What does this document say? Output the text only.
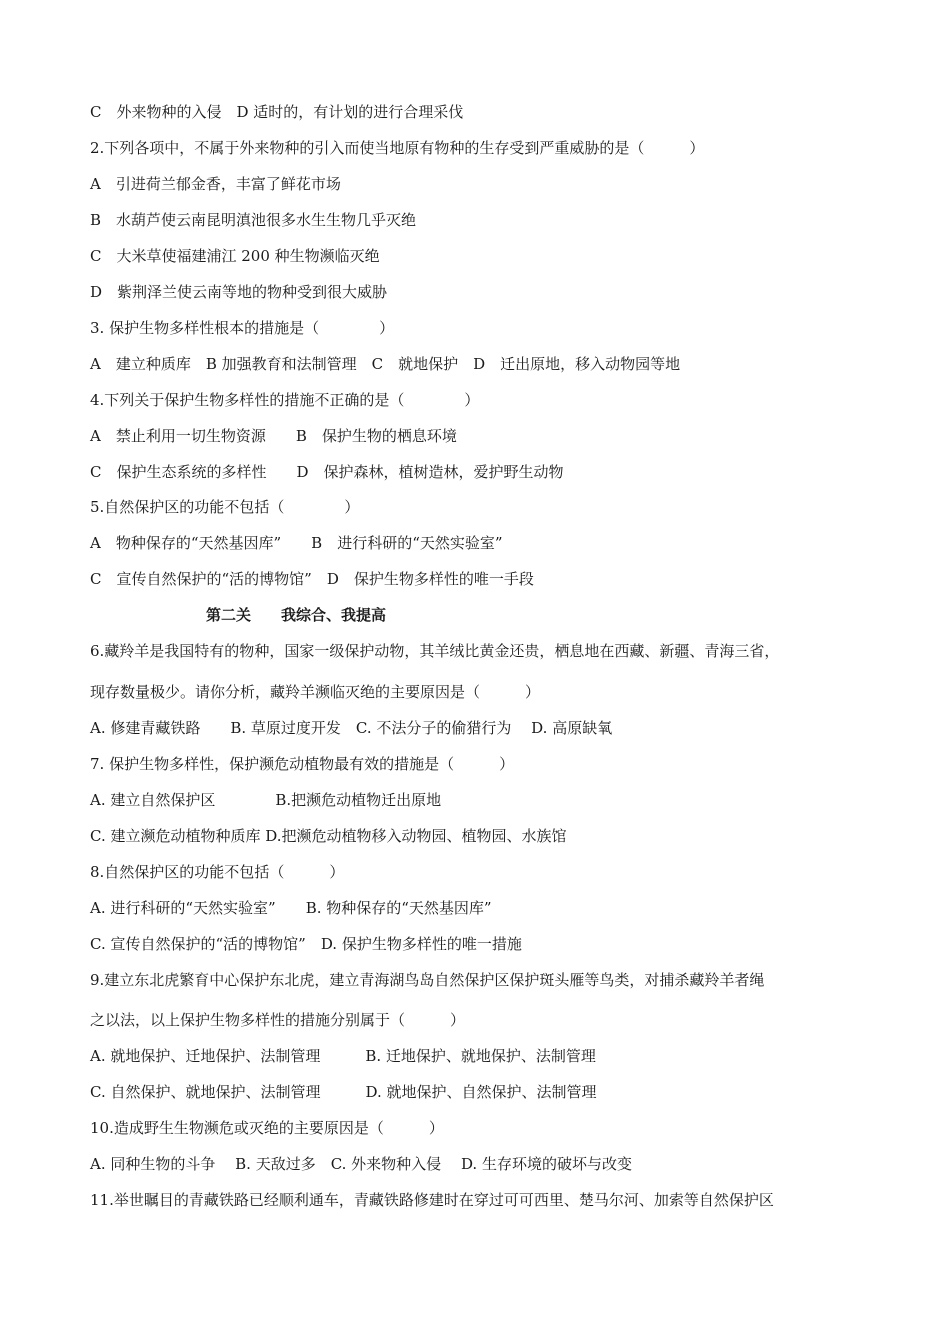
C　外来物种的入侵　D 适时的，有计划的进行合理采伐
2.下列各项中，不属于外来物种的引入而使当地原有物种的生存受到严重威胁的是（　　　）
A　引进荷兰郁金香，丰富了鲜花市场
B　水葫芦使云南昆明滇池很多水生生物几乎灭绝
C　大米草使福建浦江 200 种生物濒临灭绝
D　紫荆泽兰使云南等地的物种受到很大威胁
3. 保护生物多样性根本的措施是（　　　　）
A　建立种质库　B 加强教育和法制管理　C　就地保护　D　迁出原地，移入动物园等地
4.下列关于保护生物多样性的措施不正确的是（　　　　）
A　禁止利用一切生物资源　　B　保护生物的栖息环境
C　保护生态系统的多样性　　D　保护森林，植树造林，爱护野生动物
5.自然保护区的功能不包括（　　　　）
A　物种保存的“天然基因库”　　B　进行科研的“天然实验室”
C　宣传自然保护的“活的博物馆”　D　保护生物多样性的唯一手段
第二关　　我综合、我提高
6.藏羚羊是我国特有的物种，国家一级保护动物，其羊绒比黄金还贵，栖息地在西藏、新疆、青海三省，
现存数量极少。请你分析，藏羚羊濒临灭绝的主要原因是（　　　）
A. 修建青藏铁路　　B. 草原过度开发　C. 不法分子的偷猎行为　 D. 高原缺氧
7. 保护生物多样性，保护濒危动植物最有效的措施是（　　　）
A. 建立自然保护区　　　　B.把濒危动植物迁出原地
C. 建立濒危动植物种质库 D.把濒危动植物移入动物园、植物园、水族馆
8.自然保护区的功能不包括（　　　）
A. 进行科研的“天然实验室”　　B. 物种保存的“天然基因库”
C. 宣传自然保护的“活的博物馆”　D. 保护生物多样性的唯一措施
9.建立东北虎繁育中心保护东北虎，建立青海湖鸟岛自然保护区保护斑头雁等鸟类，对捕杀藏羚羊者绳
之以法，以上保护生物多样性的措施分别属于（　　　）
A. 就地保护、迁地保护、法制管理　　　B. 迁地保护、就地保护、法制管理
C. 自然保护、就地保护、法制管理　　　D. 就地保护、自然保护、法制管理
10.造成野生生物濒危或灭绝的主要原因是（　　　）
A. 同种生物的斗争　 B. 天敌过多　C. 外来物种入侵　 D. 生存环境的破坏与改变
11.举世瞩目的青藏铁路已经顺利通车，青藏铁路修建时在穿过可可西里、楚马尔河、加索等自然保护区
